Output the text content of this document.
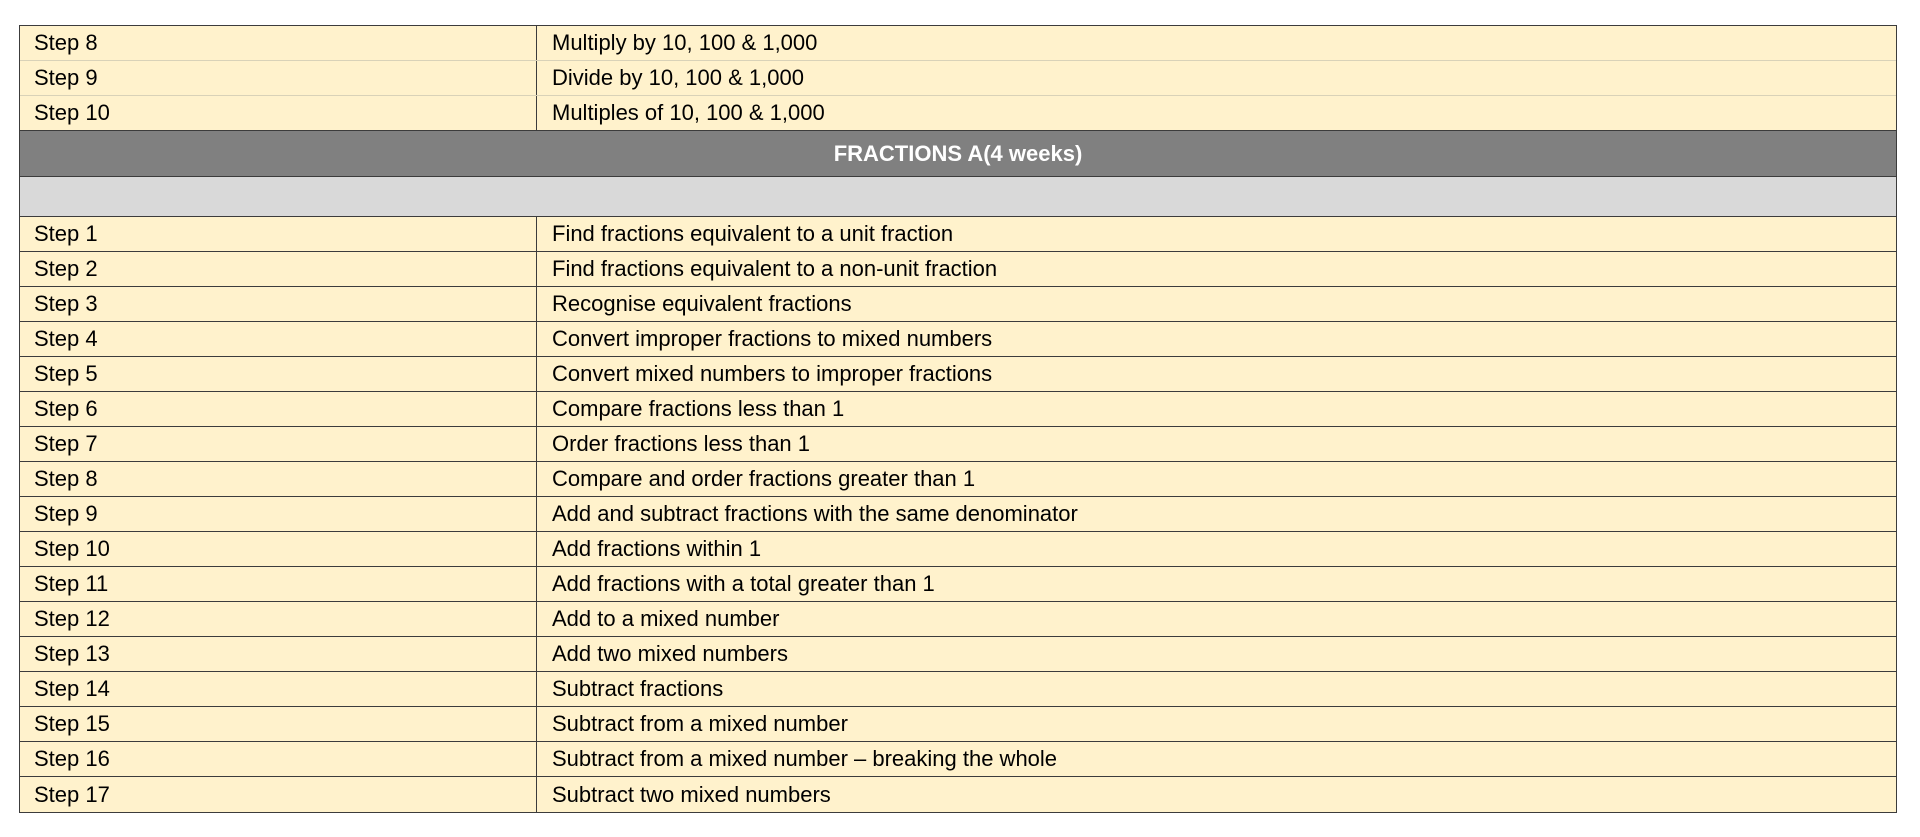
Step 8	Multiply by 10, 100 & 1,000
Step 9	Divide by 10, 100 & 1,000
Step 10	Multiples of 10, 100 & 1,000
FRACTIONS A (4 weeks)
Step 1	Find fractions equivalent to a unit fraction
Step 2	Find fractions equivalent to a non-unit fraction
Step 3	Recognise equivalent fractions
Step 4	Convert improper fractions to mixed numbers
Step 5	Convert mixed numbers to improper fractions
Step 6	Compare fractions less than 1
Step 7	Order fractions less than 1
Step 8	Compare and order fractions greater than 1
Step 9	Add and subtract fractions with the same denominator
Step 10	Add fractions within 1
Step 11	Add fractions with a total greater than 1
Step 12	Add to a mixed number
Step 13	Add two mixed numbers
Step 14	Subtract fractions
Step 15	Subtract from a mixed number
Step 16	Subtract from a mixed number – breaking the whole
Step 17	Subtract two mixed numbers
